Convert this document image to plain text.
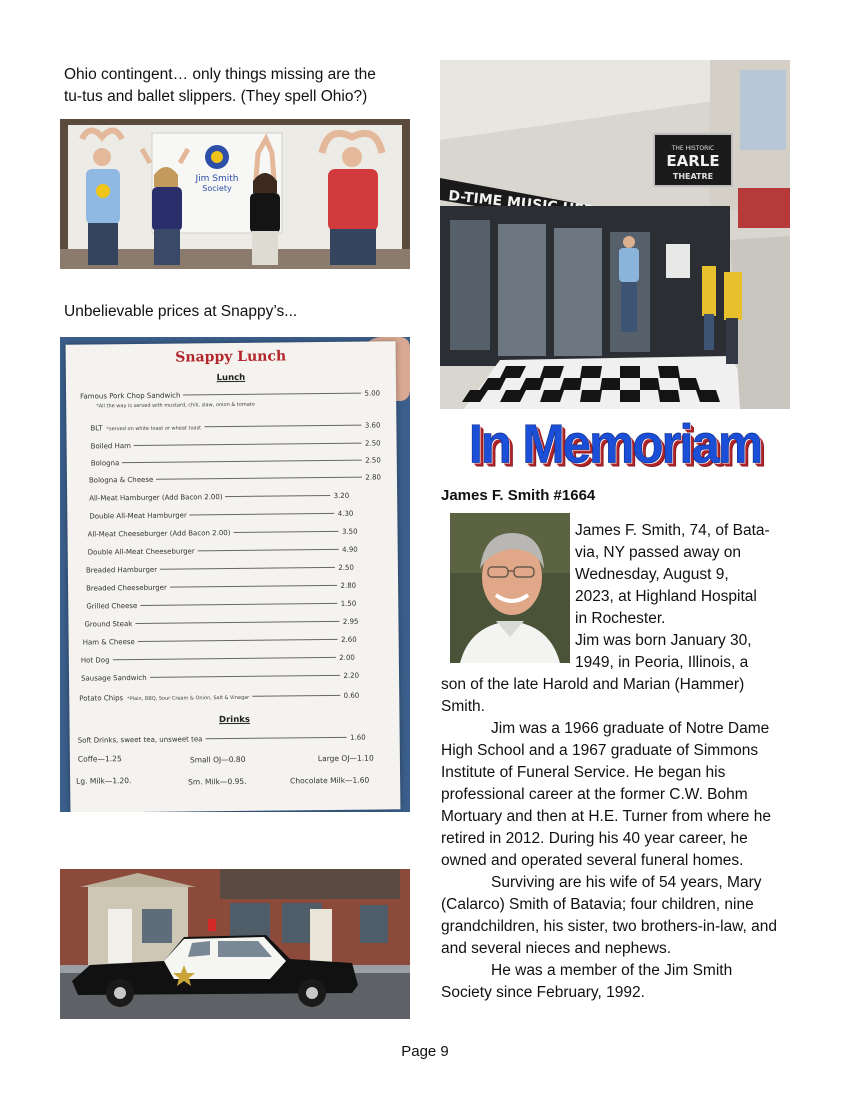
Ohio contingent… only things missing are the
tu-tus and ballet slippers. (They spell Ohio?)
Jim Smith
Society
Unbelievable prices at Snappy’s...
Snappy Lunch
Lunch
Famous Pork Chop Sandwich	5.00
*All the way is served with mustard, chili, slaw, onion & tomato
BLT *served on white toast or wheat toast	3.60
Boiled Ham	2.50
Bologna	2.50
Bologna & Cheese	2.80
All-Meat Hamburger (Add Bacon 2.00)	3.20
Double All-Meat Hamburger	4.30
All-Meat Cheeseburger (Add Bacon 2.00)	3.50
Double All-Meat Cheeseburger	4.90
Breaded Hamburger	2.50
Breaded Cheeseburger	2.80
Grilled Cheese	1.50
Ground Steak	2.95
Ham & Cheese	2.60
Hot Dog	2.00
Sausage Sandwich	2.20
Potato Chips *Plain, BBQ, Sour Cream & Onion, Salt & Vinegar	0.60
Drinks
Soft Drinks, sweet tea, unsweet tea	1.60
Coffe—1.25	Small OJ—0.80	Large OJ—1.10
Lg. Milk—1.20.	Sm. Milk—0.95.	Chocolate Milk—1.60
THE HISTORIC
EARLE
THEATRE
In Memoriam
James F. Smith #1664
James F. Smith, 74, of Bata-
via, NY passed away on
Wednesday, August 9,
2023, at Highland Hospital
in Rochester.
Jim was born January 30,
1949, in Peoria, Illinois, a
son of the late Harold and Marian (Hammer) Smith.
Jim was a 1966 graduate of Notre Dame High School and a 1967 graduate of Simmons Institute of Funeral Service. He began his professional career at the former C.W. Bohm Mortuary and then at H.E. Turner from where he retired in 2012. During his 40 year career, he owned and operated several funeral homes.
Surviving are his wife of 54 years, Mary (Calarco) Smith of Batavia; four children, nine grandchildren, his sister, two brothers-in-law, and and several nieces and nephews.
He was a member of the Jim Smith Society since February, 1992.
Page 9
